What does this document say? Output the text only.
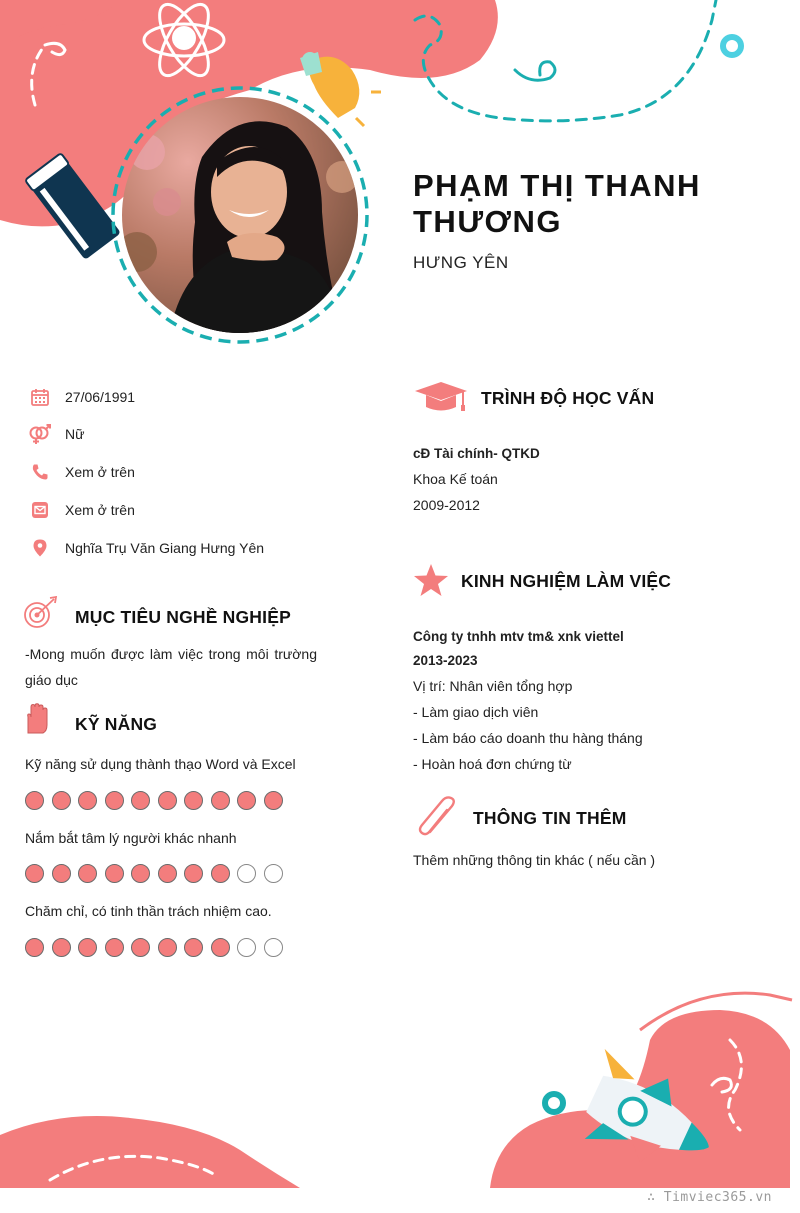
PHẠM THỊ THANH THƯƠNG
HƯNG YÊN
27/06/1991
Nữ
Xem ở trên
Xem ở trên
Nghĩa Trụ Văn Giang Hưng Yên
MỤC TIÊU NGHỀ NGHIỆP
-Mong muốn được làm việc trong môi trường giáo dục
KỸ NĂNG
Kỹ năng sử dụng thành thạo Word và Excel
Nắm bắt tâm lý người khác nhanh
Chăm chỉ, có tinh thần trách nhiệm cao.
TRÌNH ĐỘ HỌC VẤN
cĐ Tài chính- QTKD
Khoa Kế toán
2009-2012
KINH NGHIỆM LÀM VIỆC
Công ty tnhh mtv tm& xnk viettel
2013-2023
Vị trí: Nhân viên tổng hợp
- Làm giao dịch viên
- Làm báo cáo doanh thu hàng tháng
- Hoàn hoá đơn chứng từ
THÔNG TIN THÊM
Thêm những thông tin khác ( nếu cần )
∴ Timviec365.vn
